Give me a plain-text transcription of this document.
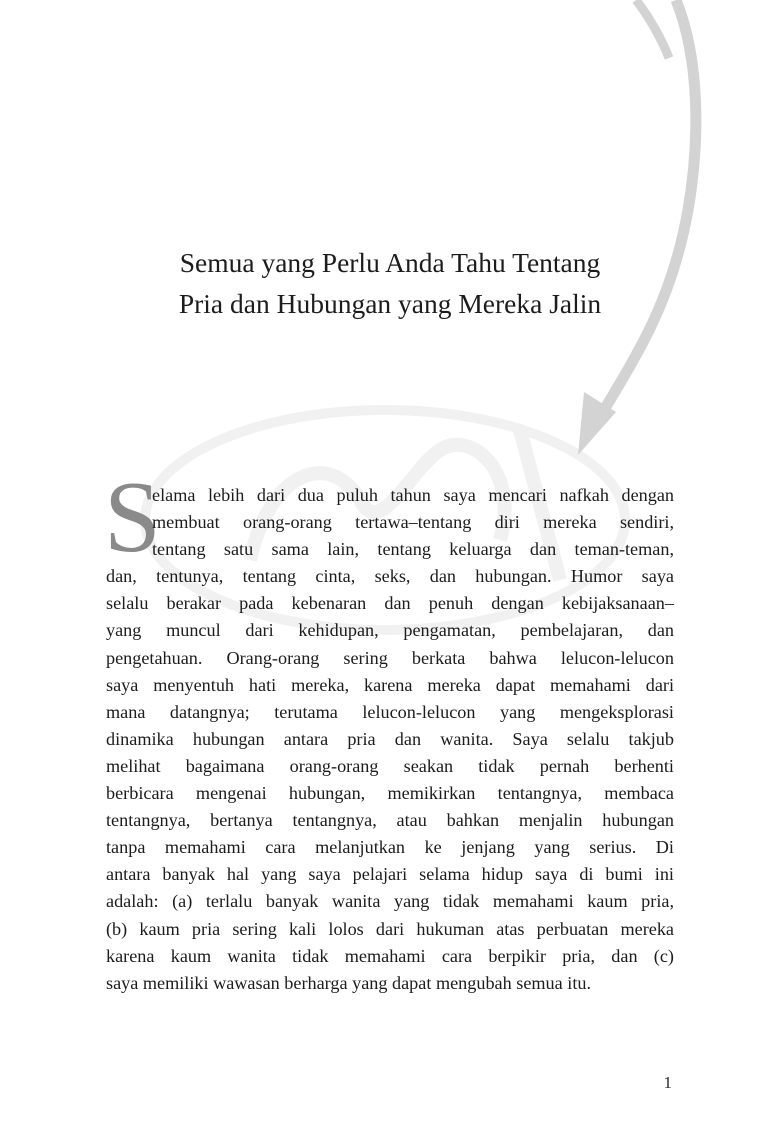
Semua yang Perlu Anda Tahu Tentang
Pria dan Hubungan yang Mereka Jalin
S
elama lebih dari dua puluh tahun saya mencari nafkah dengan
membuat orang-orang tertawa–tentang diri mereka sendiri,
tentang satu sama lain, tentang keluarga dan teman-teman,
dan, tentunya, tentang cinta, seks, dan hubungan. Humor saya
selalu berakar pada kebenaran dan penuh dengan kebijaksanaan–
yang muncul dari kehidupan, pengamatan, pembelajaran, dan
pengetahuan. Orang-orang sering berkata bahwa lelucon-lelucon
saya menyentuh hati mereka, karena mereka dapat memahami dari
mana datangnya; terutama lelucon-lelucon yang mengeksplorasi
dinamika hubungan antara pria dan wanita. Saya selalu takjub
melihat bagaimana orang-orang seakan tidak pernah berhenti
berbicara mengenai hubungan, memikirkan tentangnya, membaca
tentangnya, bertanya tentangnya, atau bahkan menjalin hubungan
tanpa memahami cara melanjutkan ke jenjang yang serius. Di
antara banyak hal yang saya pelajari selama hidup saya di bumi ini
adalah: (a) terlalu banyak wanita yang tidak memahami kaum pria,
(b) kaum pria sering kali lolos dari hukuman atas perbuatan mereka
karena kaum wanita tidak memahami cara berpikir pria, dan (c)
saya memiliki wawasan berharga yang dapat mengubah semua itu.
1
